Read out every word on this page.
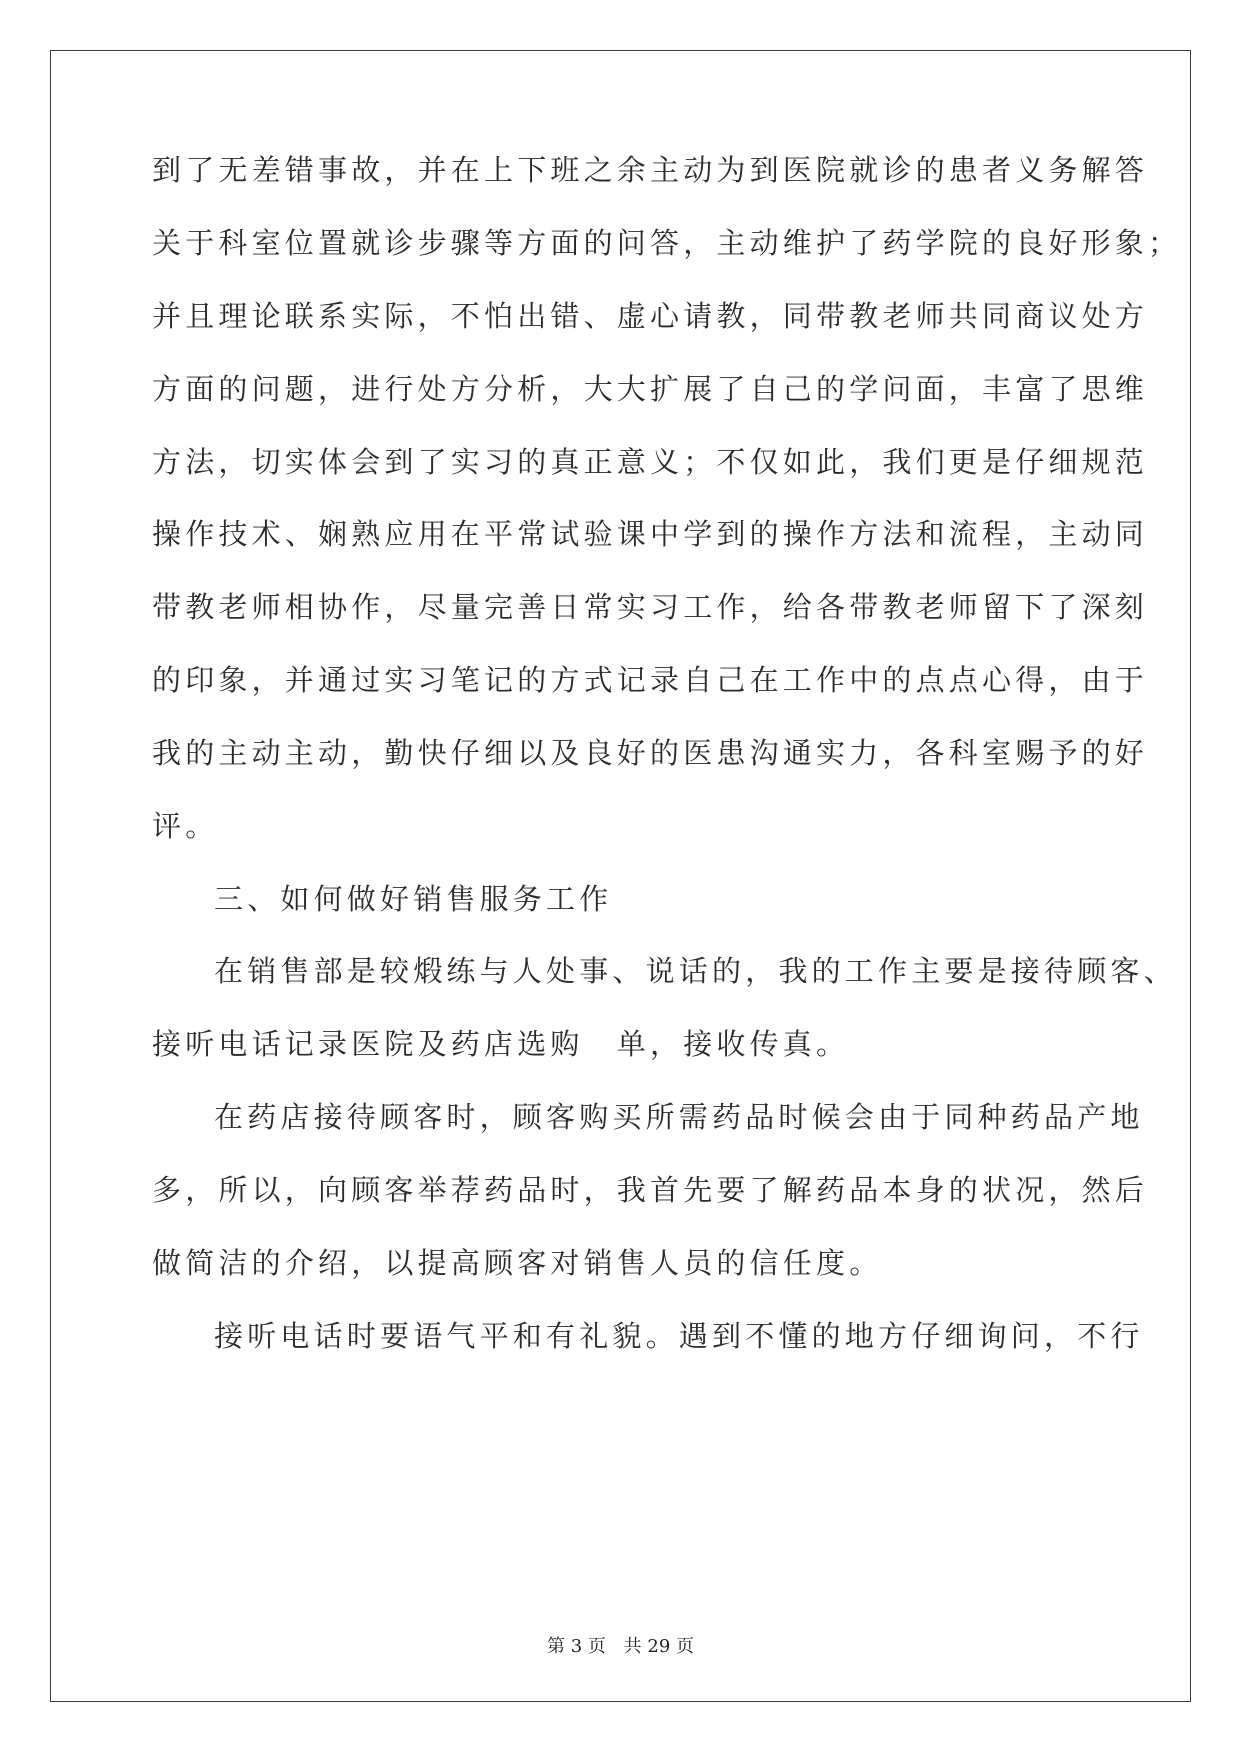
到了无差错事故，并在上下班之余主动为到医院就诊的患者义务解答
关于科室位置就诊步骤等方面的问答，主动维护了药学院的良好形象；
并且理论联系实际，不怕出错、虚心请教，同带教老师共同商议处方
方面的问题，进行处方分析，大大扩展了自己的学问面，丰富了思维
方法，切实体会到了实习的真正意义；不仅如此，我们更是仔细规范
操作技术、娴熟应用在平常试验课中学到的操作方法和流程，主动同
带教老师相协作，尽量完善日常实习工作，给各带教老师留下了深刻
的印象，并通过实习笔记的方式记录自己在工作中的点点心得，由于
我的主动主动，勤快仔细以及良好的医患沟通实力，各科室赐予的好
评。
三、如何做好销售服务工作
在销售部是较煅练与人处事、说话的，我的工作主要是接待顾客、
接听电话记录医院及药店选购　单，接收传真。
在药店接待顾客时，顾客购买所需药品时候会由于同种药品产地
多，所以，向顾客举荐药品时，我首先要了解药品本身的状况，然后
做简洁的介绍，以提高顾客对销售人员的信任度。
接听电话时要语气平和有礼貌。遇到不懂的地方仔细询问，不行
第 3 页 共 29 页
